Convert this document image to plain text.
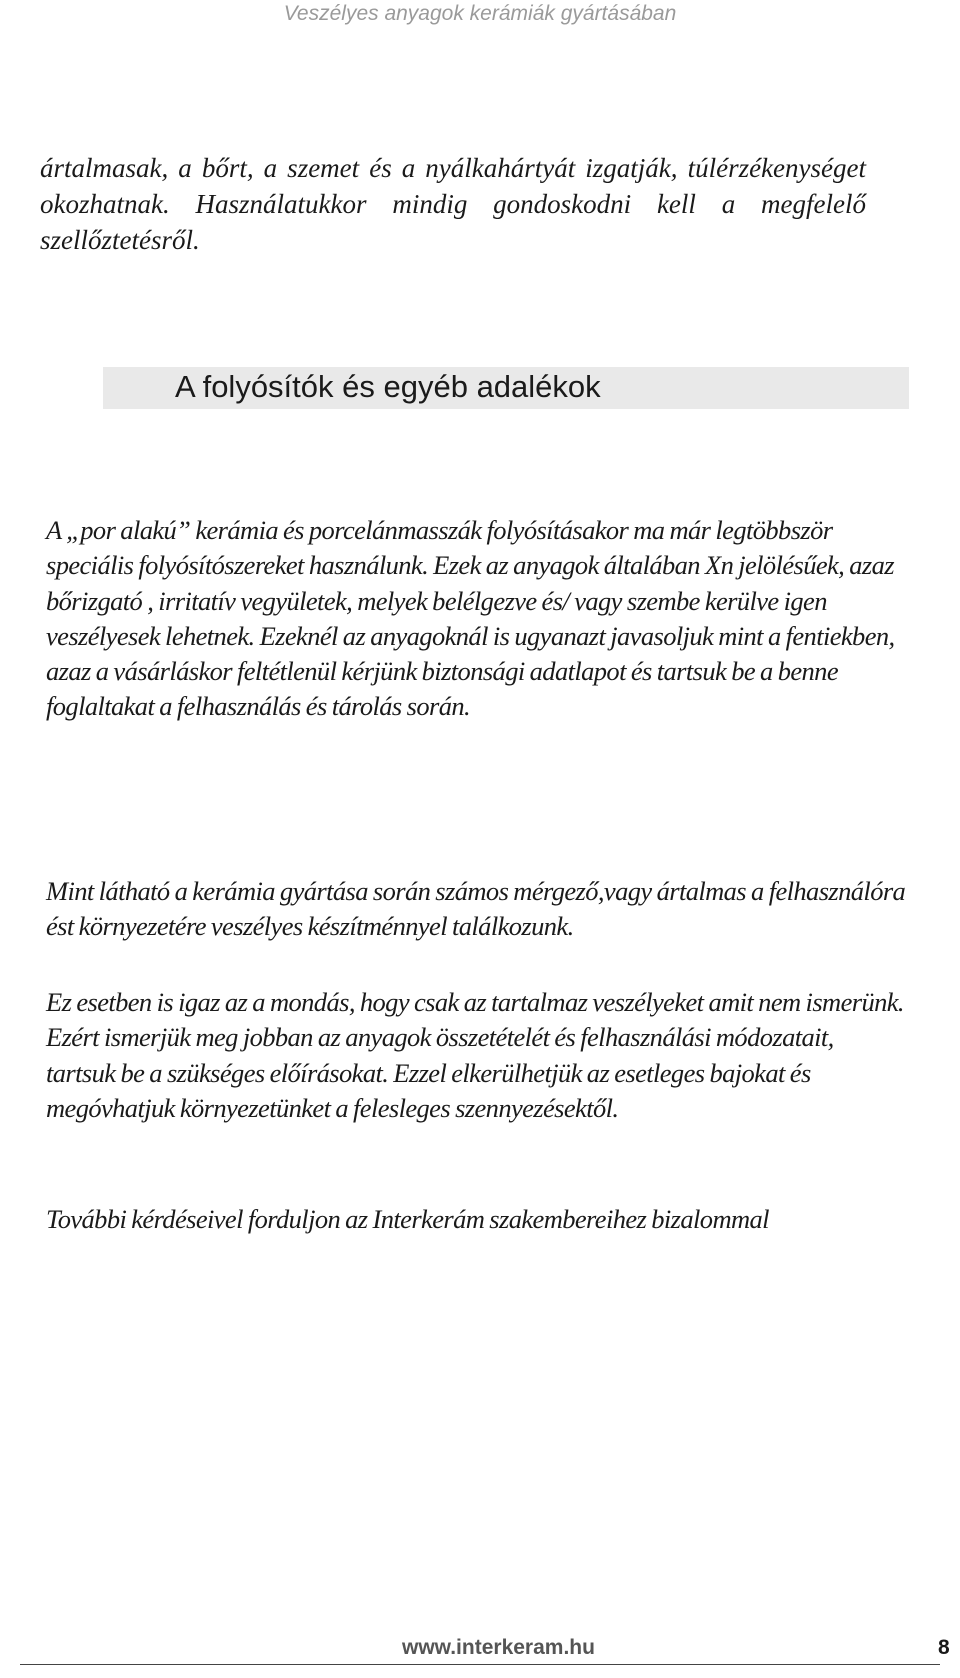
Veszélyes anyagok kerámiák gyártásában

ártalmasak, a bőrt, a szemet és a nyálkahártyát izgatják, túlérzékenységet okozhatnak. Használatukkor mindig gondoskodni kell a megfelelő szellőztetésről.

A folyósítók és egyéb adalékok

A „por alakú” kerámia és porcelánmasszák folyósításakor ma már legtöbbször speciális folyósítószereket használunk. Ezek az anyagok általában Xn jelölésűek, azaz bőrizgató , irritatív vegyületek, melyek belélgezve és/ vagy szembe kerülve igen veszélyesek lehetnek. Ezeknél az anyagoknál is ugyanazt javasoljuk mint a fentiekben, azaz a vásárláskor feltétlenül kérjünk biztonsági adatlapot és tartsuk be a benne foglaltakat a felhasználás és tárolás során.

Mint látható a kerámia gyártása során számos mérgező,vagy ártalmas a felhasználóra ést környezetére veszélyes készítménnyel találkozunk.

Ez esetben is igaz az a mondás, hogy csak az tartalmaz veszélyeket amit nem ismerünk. Ezért ismerjük meg jobban az anyagok összetételét és felhasználási módozatait, tartsuk be a szükséges előírásokat. Ezzel elkerülhetjük az esetleges bajokat és megóvhatjuk környezetünket a felesleges szennyezésektől.

További kérdéseivel forduljon az Interkerám szakembereihez bizalommal

www.interkeram.hu	8
